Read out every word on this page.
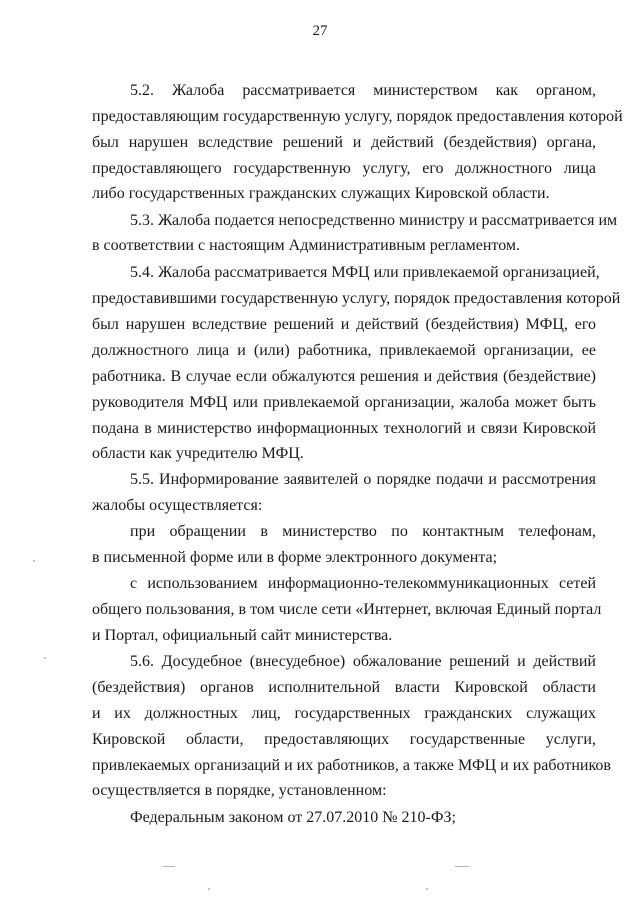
27
5.2. Жалоба рассматривается министерством как органом,
предоставляющим государственную услугу, порядок предоставления которой
был нарушен вследствие решений и действий (бездействия) органа,
предоставляющего государственную услугу, его должностного лица
либо государственных гражданских служащих Кировской области.
5.3. Жалоба подается непосредственно министру и рассматривается им
в соответствии с настоящим Административным регламентом.
5.4. Жалоба рассматривается МФЦ или привлекаемой организацией,
предоставившими государственную услугу, порядок предоставления которой
был нарушен вследствие решений и действий (бездействия) МФЦ, его
должностного лица и (или) работника, привлекаемой организации, ее
работника. В случае если обжалуются решения и действия (бездействие)
руководителя МФЦ или привлекаемой организации, жалоба может быть
подана в министерство информационных технологий и связи Кировской
области как учредителю МФЦ.
5.5. Информирование заявителей о порядке подачи и рассмотрения
жалобы осуществляется:
при обращении в министерство по контактным телефонам,
в письменной форме или в форме электронного документа;
с использованием информационно-телекоммуникационных сетей
общего пользования, в том числе сети «Интернет, включая Единый портал
и Портал, официальный сайт министерства.
5.6. Досудебное (внесудебное) обжалование решений и действий
(бездействия) органов исполнительной власти Кировской области
и их должностных лиц, государственных гражданских служащих
Кировской области, предоставляющих государственные услуги,
привлекаемых организаций и их работников, а также МФЦ и их работников
осуществляется в порядке, установленном:
Федеральным законом от 27.07.2010 № 210-ФЗ;
